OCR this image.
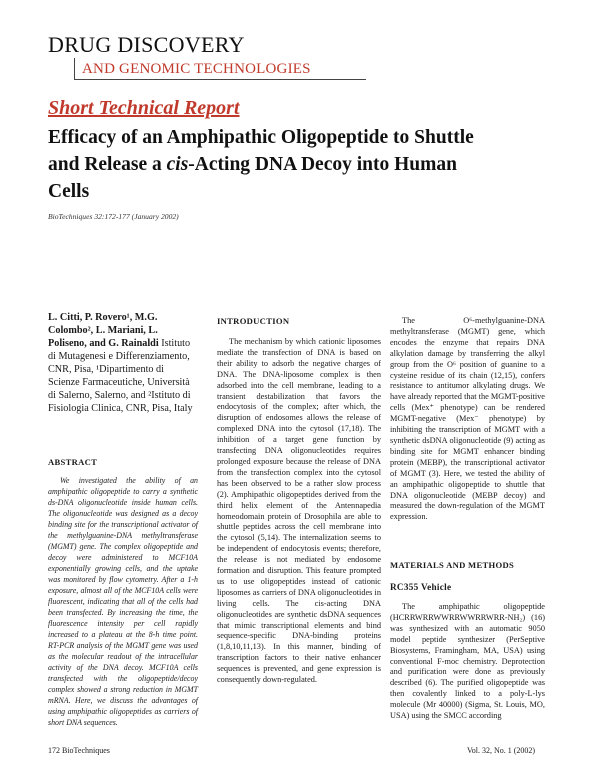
DRUG DISCOVERY
AND GENOMIC TECHNOLOGIES
Short Technical Report
Efficacy of an Amphipathic Oligopeptide to Shuttle and Release a cis-Acting DNA Decoy into Human Cells
BioTechniques 32:172-177 (January 2002)
L. Citti, P. Rovero¹, M.G. Colombo², L. Mariani, L. Poliseno, and G. Rainaldi Istituto di Mutagenesi e Differenziamento, CNR, Pisa, ¹Dipartimento di Scienze Farmaceutiche, Università di Salerno, Salerno, and ²Istituto di Fisiologia Clinica, CNR, Pisa, Italy
ABSTRACT
We investigated the ability of an amphipathic oligopeptide to carry a synthetic ds-DNA oligonucleotide inside human cells. The oligonucleotide was designed as a decoy binding site for the transcriptional activator of the methylguanine-DNA methyltransferase (MGMT) gene. The complex oligopeptide and decoy were administered to MCF10A exponentially growing cells, and the uptake was monitored by flow cytometry. After a 1-h exposure, almost all of the MCF10A cells were fluorescent, indicating that all of the cells had been transfected. By increasing the time, the fluorescence intensity per cell rapidly increased to a plateau at the 8-h time point. RT-PCR analysis of the MGMT gene was used as the molecular readout of the intracellular activity of the DNA decoy. MCF10A cells transfected with the oligopeptide/decoy complex showed a strong reduction in MGMT mRNA. Here, we discuss the advantages of using amphipathic oligopeptides as carriers of short DNA sequences.
INTRODUCTION
The mechanism by which cationic liposomes mediate the transfection of DNA is based on their ability to adsorb the negative charges of DNA. The DNA-liposome complex is then adsorbed into the cell membrane, leading to a transient destabilization that favors the endocytosis of the complex; after which, the disruption of endosomes allows the release of complexed DNA into the cytosol (17,18). The inhibition of a target gene function by transfecting DNA oligonucleotides requires prolonged exposure because the release of DNA from the transfection complex into the cytosol has been observed to be a rather slow process (2). Amphipathic oligopeptides derived from the third helix element of the Antennapedia homeodomain protein of Drosophila are able to shuttle peptides across the cell membrane into the cytosol (5,14). The internalization seems to be independent of endocytosis events; therefore, the release is not mediated by endosome formation and disruption. This feature prompted us to use oligopeptides instead of cationic liposomes as carriers of DNA oligonucleotides in living cells. The cis-acting DNA oligonucleotides are synthetic dsDNA sequences that mimic transcriptional elements and bind sequence-specific DNA-binding proteins (1,8,10,11,13). In this manner, binding of transcription factors to their native enhancer sequences is prevented, and gene expression is consequently down-regulated.
The O⁶-methylguanine-DNA methyltransferase (MGMT) gene, which encodes the enzyme that repairs DNA alkylation damage by transferring the alkyl group from the O⁶ position of guanine to a cysteine residue of its chain (12,15), confers resistance to antitumor alkylating drugs. We have already reported that the MGMT-positive cells (Mex⁺ phenotype) can be rendered MGMT-negative (Mex⁻ phenotype) by inhibiting the transcription of MGMT with a synthetic dsDNA oligonucleotide (9) acting as binding site for MGMT enhancer binding protein (MEBP), the transcriptional activator of MGMT (3). Here, we tested the ability of an amphipathic oligopeptide to shuttle that DNA oligonucleotide (MEBP decoy) and measured the down-regulation of the MGMT expression.
MATERIALS AND METHODS
RC355 Vehicle
The amphipathic oligopeptide (HCRRWRRWWRRWWRRWRR-NH₂) (16) was synthesized with an automatic 9050 model peptide synthesizer (PerSeptive Biosystems, Framingham, MA, USA) using conventional F-moc chemistry. Deprotection and purification were done as previously described (6). The purified oligopeptide was then covalently linked to a poly-L-lys molecule (Mr 40000) (Sigma, St. Louis, MO, USA) using the SMCC according
172 BioTechniques	Vol. 32, No. 1 (2002)
